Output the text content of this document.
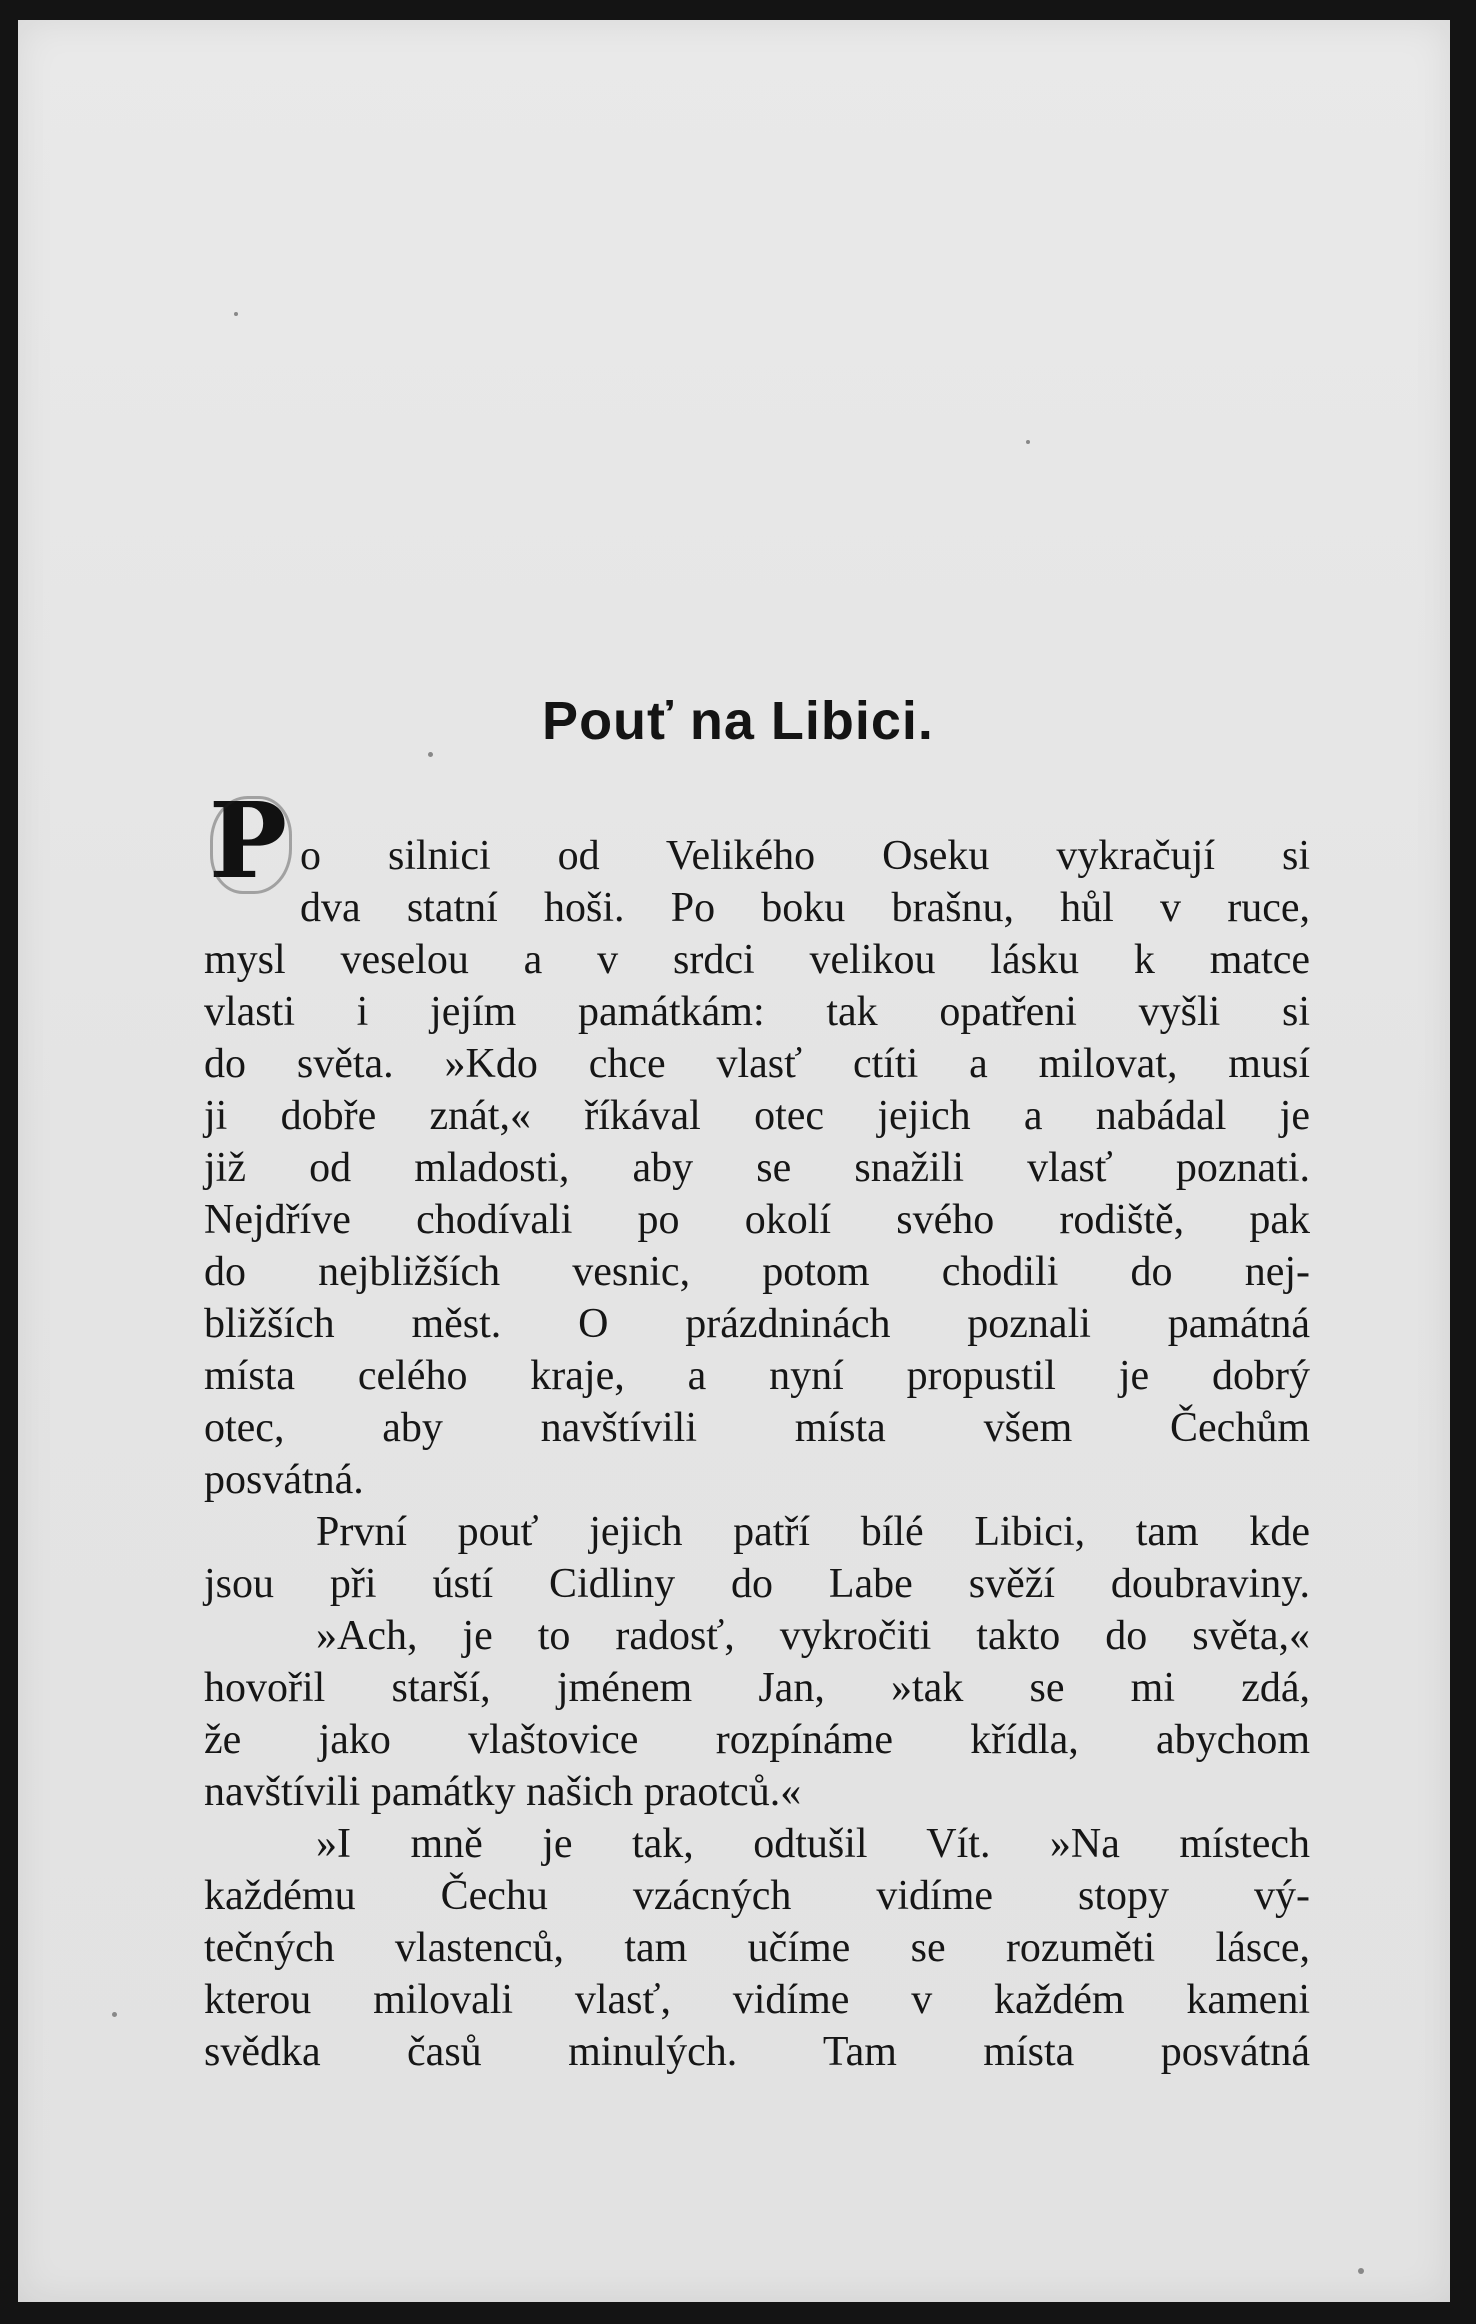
Pouť na Libici.
P o silnici od Velikého Oseku vykračují si
dva statní hoši. Po boku brašnu, hůl v ruce,
mysl veselou a v srdci velikou lásku k matce
vlasti i jejím památkám: tak opatřeni vyšli si
do světa. »Kdo chce vlasť ctíti a milovat, musí
ji dobře znát,« říkával otec jejich a nabádal je
již od mladosti, aby se snažili vlasť poznati.
Nejdříve chodívali po okolí svého rodiště, pak
do nejbližších vesnic, potom chodili do nej-
bližších měst. O prázdninách poznali památná
místa celého kraje, a nyní propustil je dobrý
otec, aby navštívili místa všem Čechům
posvátná.
První pouť jejich patří bílé Libici, tam kde
jsou při ústí Cidliny do Labe svěží doubraviny.
»Ach, je to radosť, vykročiti takto do světa,«
hovořil starší, jménem Jan, »tak se mi zdá,
že jako vlaštovice rozpínáme křídla, abychom
navštívili památky našich praotců.«
»I mně je tak, odtušil Vít. »Na místech
každému Čechu vzácných vidíme stopy vý-
tečných vlastenců, tam učíme se rozuměti lásce,
kterou milovali vlasť, vidíme v každém kameni
svědka časů minulých. Tam místa posvátná
